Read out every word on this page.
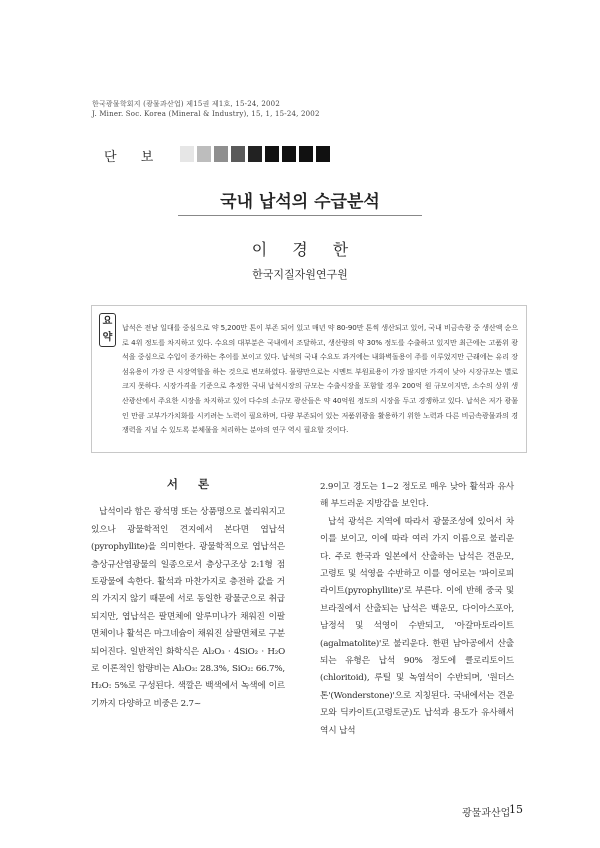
한국광물학회지 (광물과산업) 제15권 제1호, 15-24, 2002
J. Miner. Soc. Korea (Mineral & Industry), 15, 1, 15-24, 2002
단 보
국내 납석의 수급분석
이 경 한
한국지질자원연구원
요
약
납석은 전남 일대를 중심으로 약 5,200만 톤이 부존 되어 있고 매년 약 80-90만 톤씩 생산되고 있어, 국내 비금속광 중 생산액 순으로 4위 정도를 차지하고 있다. 수요의 대부분은 국내에서 조달하고, 생산량의 약 30% 정도를 수출하고 있지만 최근에는 고품위 광석을 중심으로 수입이 증가하는 추이를 보이고 있다. 납석의 국내 수요도 과거에는 내화벽돌용이 주를 이루었지만 근래에는 유리 장섬유용이 가장 큰 시장역할을 하는 것으로 변모하였다. 물량만으로는 시멘트 부원료용이 가장 많지만 가격이 낮아 시장규모는 별로 크지 못하다. 시장가격을 기준으로 추정한 국내 납석시장의 규모는 수출시장을 포함할 경우 200억 원 규모이지만, 소수의 상위 생산광산에서 주요한 시장을 차지하고 있어 다수의 소규모 광산들은 약 40억원 정도의 시장을 두고 경쟁하고 있다. 납석은 저가 광물인 만큼 고부가가치화를 시키려는 노력이 필요하며, 다량 부존되어 있는 저품위광을 활용하기 위한 노력과 다른 비금속광물과의 경쟁력을 지닐 수 있도록 분체물을 처리하는 분야의 연구 역시 필요할 것이다.
서 론

납석이라 함은 광석명 또는 상품명으로 불리워지고 있으나 광물학적인 견지에서 본다면 엽납석(pyrophyllite)을 의미한다. 광물학적으로 엽납석은 층상규산염광물의 일종으로서 층상구조상 2:1형 점토광물에 속한다. 활석과 마찬가지로 층전하 값을 거의 가지지 않기 때문에 서로 동일한 광물군으로 취급되지만, 엽납석은 팔면체에 알루미나가 채워진 이팔면체이나 활석은 마그네슘이 채워진 삼팔면체로 구분되어진다. 일반적인 화학식은 Al₂O₃ · 4SiO₂ · H₂O로 이론적인 함량비는 Al₂O₃: 28.3%, SiO₂: 66.7%, H₂O: 5%로 구성된다. 색깔은 백색에서 녹색에 이르기까지 다양하고 비중은 2.7~

2.9이고 경도는 1~2 정도로 매우 낮아 활석과 유사해 부드러운 지방감을 보인다.

납석 광석은 지역에 따라서 광물조성에 있어서 차이를 보이고, 이에 따라 여러 가지 이름으로 불리운다. 주로 한국과 일본에서 산출하는 납석은 견운모, 고령토 및 석영을 수반하고 이를 영어로는 '파이로피라이트(pyrophyllite)'로 부른다. 이에 반해 중국 및 브라질에서 산출되는 납석은 백운모, 다이아스포아, 남정석 및 석영이 수반되고, '아갈마토라이트(agalmatolite)'로 불리운다. 한편 남아공에서 산출되는 유형은 납석 90% 정도에 클로리토이드(chloritoid), 루틸 및 녹염석이 수반되며, '원더스톤'(Wonderstone)'으로 지칭된다. 국내에서는 견운모와 딕카이트(고령토군)도 납석과 용도가 유사해서 역시 납석

광물과산업
15
